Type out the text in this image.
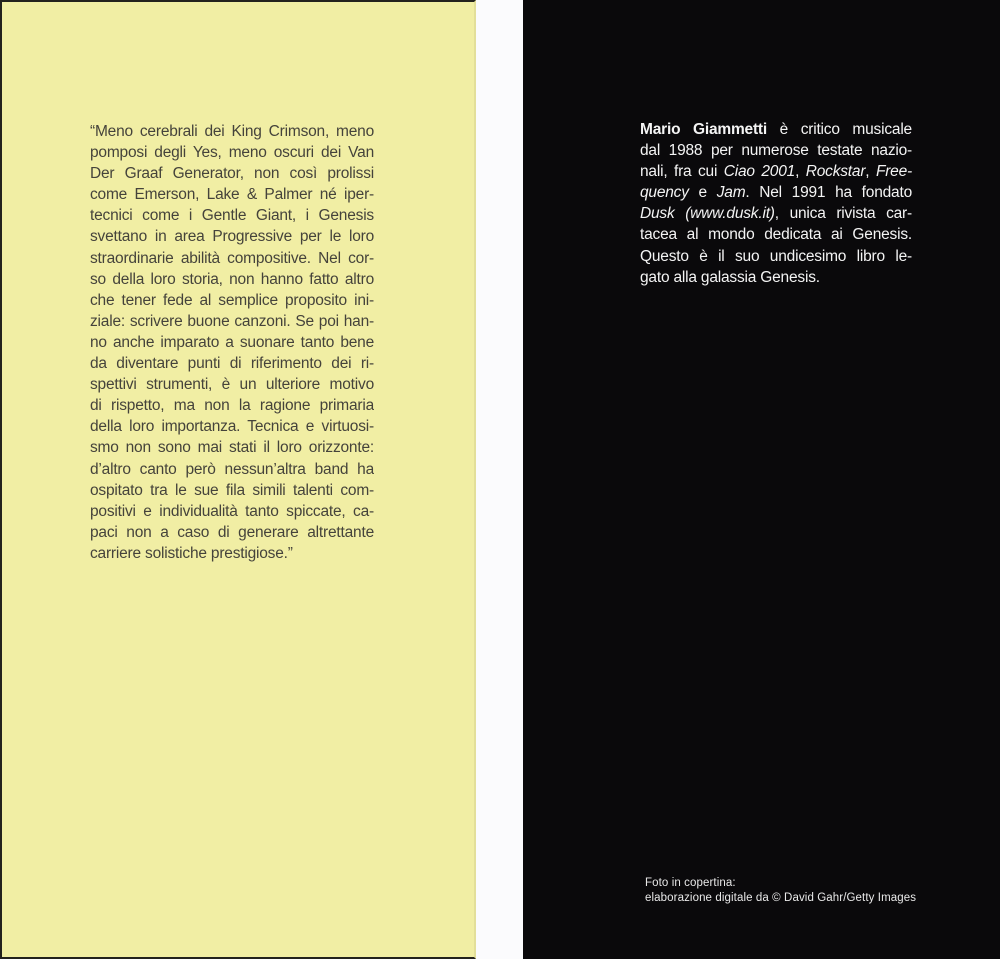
“Meno cerebrali dei King Crimson, meno
pomposi degli Yes, meno oscuri dei Van
Der Graaf Generator, non così prolissi
come Emerson, Lake & Palmer né iper-
tecnici come i Gentle Giant, i Genesis
svettano in area Progressive per le loro
straordinarie abilità compositive. Nel cor-
so della loro storia, non hanno fatto altro
che tener fede al semplice proposito ini-
ziale: scrivere buone canzoni. Se poi han-
no anche imparato a suonare tanto bene
da diventare punti di riferimento dei ri-
spettivi strumenti, è un ulteriore motivo
di rispetto, ma non la ragione primaria
della loro importanza. Tecnica e virtuosi-
smo non sono mai stati il loro orizzonte:
d’altro canto però nessun’altra band ha
ospitato tra le sue fila simili talenti com-
positivi e individualità tanto spiccate, ca-
paci non a caso di generare altrettante
carriere solistiche prestigiose.”
Mario Giammetti è critico musicale
dal 1988 per numerose testate nazio-
nali, fra cui Ciao 2001, Rockstar, Free-
quency e Jam. Nel 1991 ha fondato
Dusk (www.dusk.it), unica rivista car-
tacea al mondo dedicata ai Genesis.
Questo è il suo undicesimo libro le-
gato alla galassia Genesis.
Foto in copertina:
elaborazione digitale da © David Gahr/Getty Images
